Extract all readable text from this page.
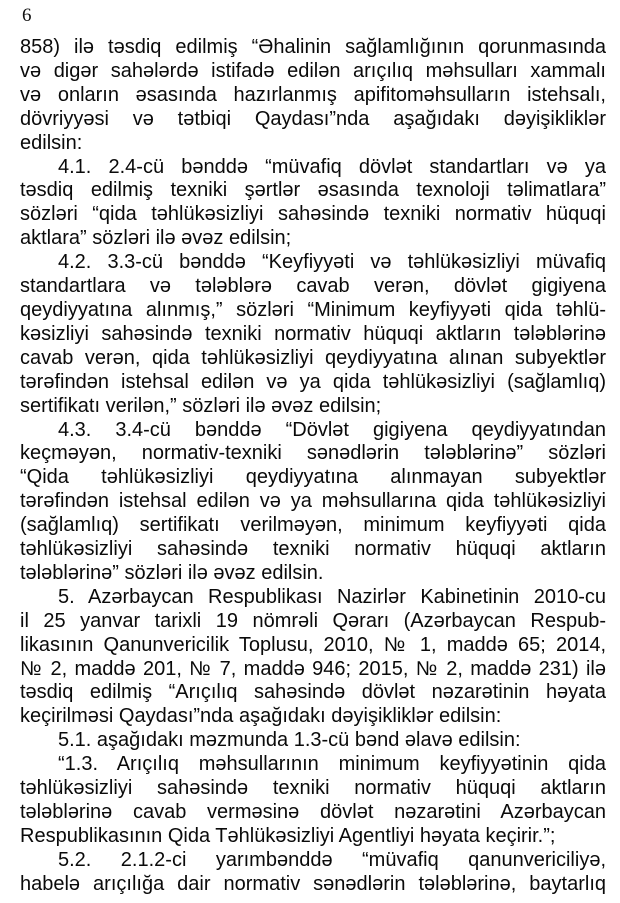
6
858) ilə təsdiq edilmiş “Əhalinin sağlamlığının qorunmasında
və digər sahələrdə istifadə edilən arıçılıq məhsulları xammalı
və onların əsasında hazırlanmış apifitoməhsulların istehsalı,
dövriyyəsi və tətbiqi Qaydası”nda aşağıdakı dəyişikliklər
edilsin:
4.1. 2.4-cü bənddə “müvafiq dövlət standartları və ya
təsdiq edilmiş texniki şərtlər əsasında texnoloji təlimatlara”
sözləri “qida təhlükəsizliyi sahəsində texniki normativ hüquqi
aktlara” sözləri ilə əvəz edilsin;
4.2. 3.3-cü bənddə “Keyfiyyəti və təhlükəsizliyi müvafiq
standartlara və tələblərə cavab verən, dövlət gigiyena
qeydiyyatına alınmış,” sözləri “Minimum keyfiyyəti qida təhlü-
kəsizliyi sahəsində texniki normativ hüquqi aktların tələblərinə
cavab verən, qida təhlükəsizliyi qeydiyyatına alınan subyektlər
tərəfindən istehsal edilən və ya qida təhlükəsizliyi (sağlamlıq)
sertifikatı verilən,” sözləri ilə əvəz edilsin;
4.3. 3.4-cü bənddə “Dövlət gigiyena qeydiyyatından
keçməyən, normativ-texniki sənədlərin tələblərinə” sözləri
“Qida təhlükəsizliyi qeydiyyatına alınmayan subyektlər
tərəfindən istehsal edilən və ya məhsullarına qida təhlükəsizliyi
(sağlamlıq) sertifikatı verilməyən, minimum keyfiyyəti qida
təhlükəsizliyi sahəsində texniki normativ hüquqi aktların
tələblərinə” sözləri ilə əvəz edilsin.
5. Azərbaycan Respublikası Nazirlər Kabinetinin 2010-cu
il 25 yanvar tarixli 19 nömrəli Qərarı (Azərbaycan Respub-
likasının Qanunvericilik Toplusu, 2010, № 1, maddə 65; 2014,
№ 2, maddə 201, № 7, maddə 946; 2015, № 2, maddə 231) ilə
təsdiq edilmiş “Arıçılıq sahəsində dövlət nəzarətinin həyata
keçirilməsi Qaydası”nda aşağıdakı dəyişikliklər edilsin:
5.1. aşağıdakı məzmunda 1.3-cü bənd əlavə edilsin:
“1.3. Arıçılıq məhsullarının minimum keyfiyyətinin qida
təhlükəsizliyi sahəsində texniki normativ hüquqi aktların
tələblərinə cavab verməsinə dövlət nəzarətini Azərbaycan
Respublikasının Qida Təhlükəsizliyi Agentliyi həyata keçirir.”;
5.2. 2.1.2-ci yarımbənddə “müvafiq qanunvericiliyə,
habelə arıçılığa dair normativ sənədlərin tələblərinə, baytarlıq
